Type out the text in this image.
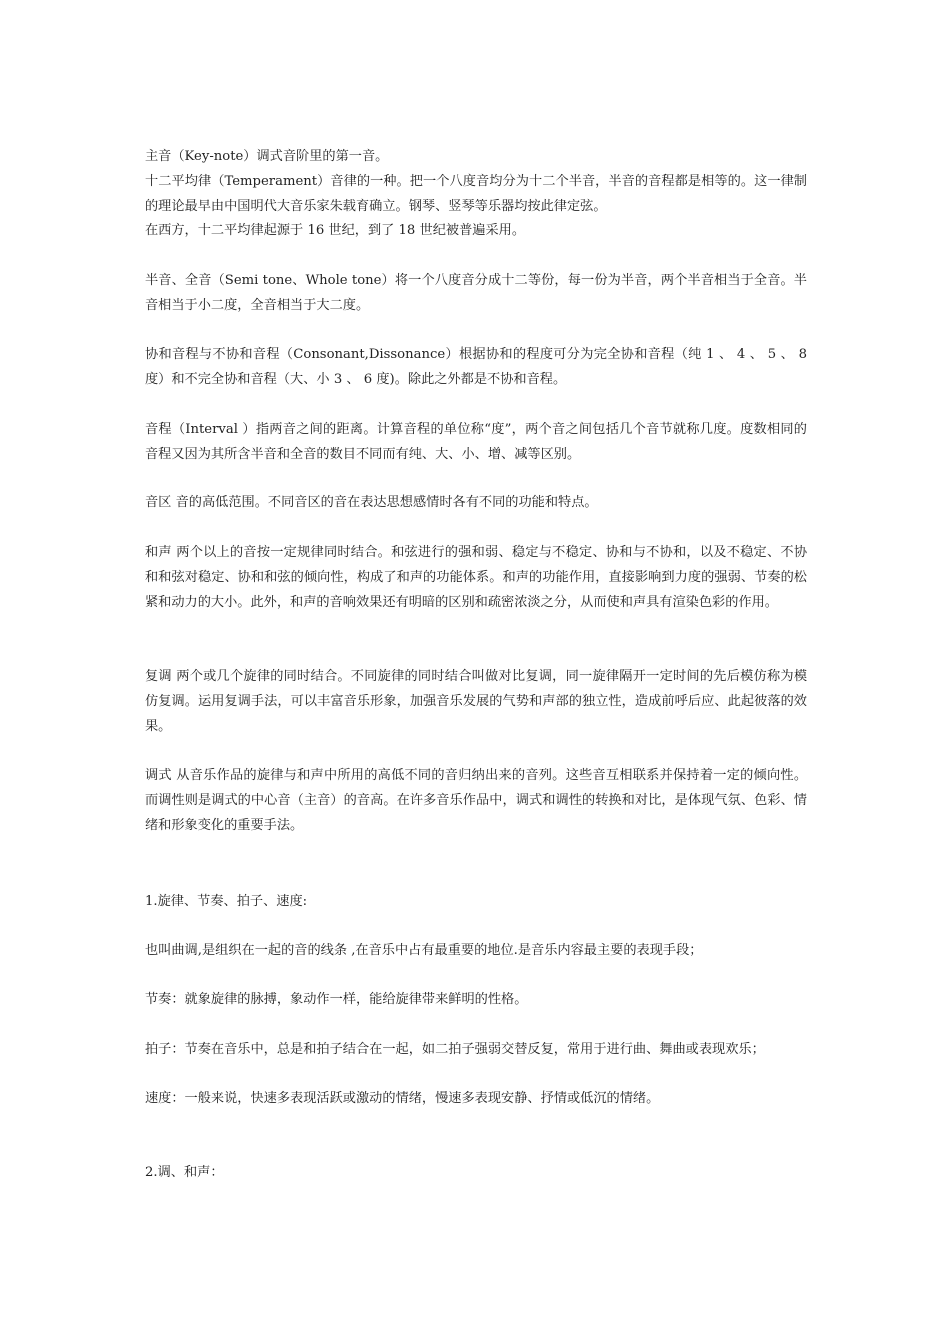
主音（Key-note）调式音阶里的第一音。

十二平均律（Temperament）音律的一种。把一个八度音均分为十二个半音，半音的音程都是相等的。这一律制的理论最早由中国明代大音乐家朱载育确立。钢琴、竖琴等乐器均按此律定弦。

在西方，十二平均律起源于 16 世纪，到了 18 世纪被普遍采用。

半音、全音（Semi tone、Whole tone）将一个八度音分成十二等份，每一份为半音，两个半音相当于全音。半音相当于小二度，全音相当于大二度。

协和音程与不协和音程（Consonant,Dissonance）根据协和的程度可分为完全协和音程（纯 1 、 4 、 5 、 8 度）和不完全协和音程（大、小 3 、 6 度)。除此之外都是不协和音程。

音程（Interval ）指两音之间的距离。计算音程的单位称“度”，两个音之间包括几个音节就称几度。度数相同的音程又因为其所含半音和全音的数目不同而有纯、大、小、增、减等区别。

音区 音的高低范围。不同音区的音在表达思想感情时各有不同的功能和特点。

和声 两个以上的音按一定规律同时结合。和弦进行的强和弱、稳定与不稳定、协和与不协和，以及不稳定、不协和和弦对稳定、协和和弦的倾向性，构成了和声的功能体系。和声的功能作用，直接影响到力度的强弱、节奏的松紧和动力的大小。此外，和声的音响效果还有明暗的区别和疏密浓淡之分，从而使和声具有渲染色彩的作用。

复调 两个或几个旋律的同时结合。不同旋律的同时结合叫做对比复调，同一旋律隔开一定时间的先后模仿称为模仿复调。运用复调手法，可以丰富音乐形象，加强音乐发展的气势和声部的独立性，造成前呼后应、此起彼落的效果。

调式 从音乐作品的旋律与和声中所用的高低不同的音归纳出来的音列。这些音互相联系并保持着一定的倾向性。而调性则是调式的中心音（主音）的音高。在许多音乐作品中，调式和调性的转换和对比，是体现气氛、色彩、情绪和形象变化的重要手法。

1.旋律、节奏、拍子、速度:

也叫曲调,是组织在一起的音的线条 ,在音乐中占有最重要的地位.是音乐内容最主要的表现手段；

节奏：就象旋律的脉搏，象动作一样，能给旋律带来鲜明的性格。

拍子：节奏在音乐中，总是和拍子结合在一起，如二拍子强弱交替反复，常用于进行曲、舞曲或表现欢乐；

速度：一般来说，快速多表现活跃或激动的情绪，慢速多表现安静、抒情或低沉的情绪。

2.调、和声：
